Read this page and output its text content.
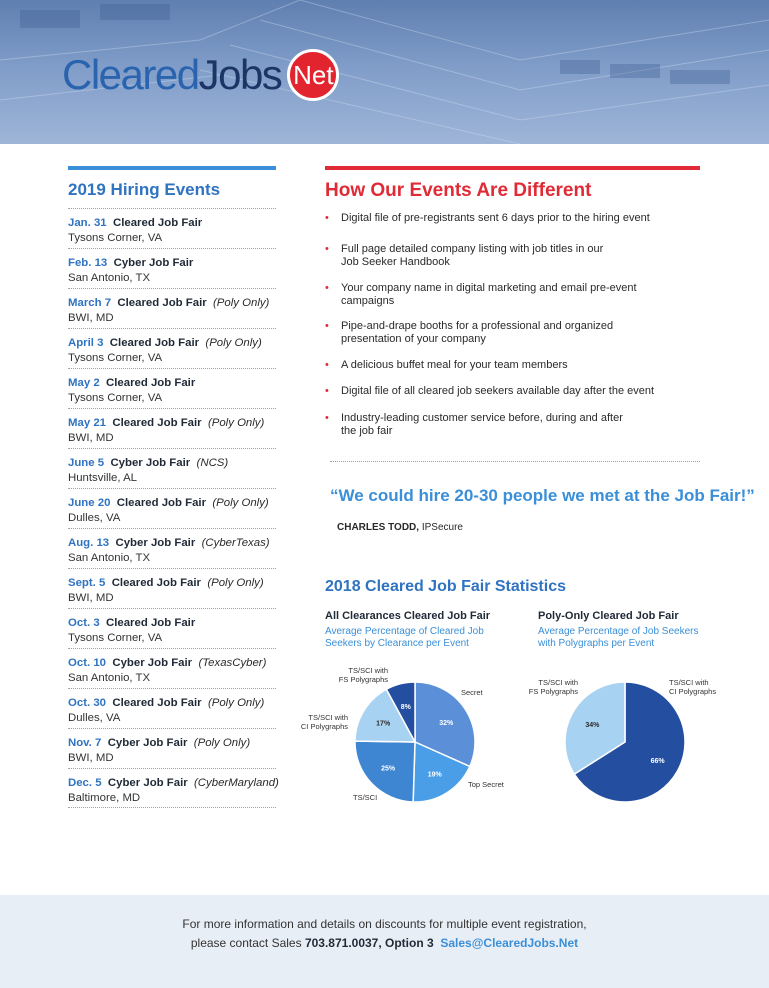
Cleared Jobs Net
2019 Hiring Events	How Our Events Are Different
Jan. 31 Cleared Job Fair
Tysons Corner, VA
Feb. 13 Cyber Job Fair
San Antonio, TX
March 7 Cleared Job Fair (Poly Only)
BWI, MD
April 3 Cleared Job Fair (Poly Only)
Tysons Corner, VA
May 2 Cleared Job Fair
Tysons Corner, VA
May 21 Cleared Job Fair (Poly Only)
BWI, MD
June 5 Cyber Job Fair (NCS)
Huntsville, AL
June 20 Cleared Job Fair (Poly Only)
Dulles, VA
Aug. 13 Cyber Job Fair (CyberTexas)
San Antonio, TX
Sept. 5 Cleared Job Fair (Poly Only)
BWI, MD
Oct. 3 Cleared Job Fair
Tysons Corner, VA
Oct. 10 Cyber Job Fair (TexasCyber)
San Antonio, TX
Oct. 30 Cleared Job Fair (Poly Only)
Dulles, VA
Nov. 7 Cyber Job Fair (Poly Only)
BWI, MD
Dec. 5 Cyber Job Fair (CyberMaryland)
Baltimore, MD
• Digital file of pre-registrants sent 6 days prior to the hiring event
• Full page detailed company listing with job titles in our
Job Seeker Handbook
• Your company name in digital marketing and email pre-event
campaigns
• Pipe-and-drape booths for a professional and organized
presentation of your company
• A delicious buffet meal for your team members
• Digital file of all cleared job seekers available day after the event
• Industry-leading customer service before, during and after
the job fair

“We could hire 20-30 people we met at the Job Fair!”

CHARLES TODD, IPSecure
2018 Cleared Job Fair Statistics
All Clearances Cleared Job Fair
Average Percentage of Cleared Job
Seekers by Clearance per Event
Poly-Only Cleared Job Fair
Average Percentage of Job Seekers
with Polygraphs per Event
32%
19%
25%
17%
8%
66%
34%
Secret
Top Secret
TS/SCI
TS/SCI with
CI Polygraphs
TS/SCI with
FS Polygraphs	TS/SCI with
FS Polygraphs
TS/SCI with
CI Polygraphs

For more information and details on discounts for multiple event registration,

please contact Sales 703.871.0037, Option 3 Sales@ClearedJobs.Net
